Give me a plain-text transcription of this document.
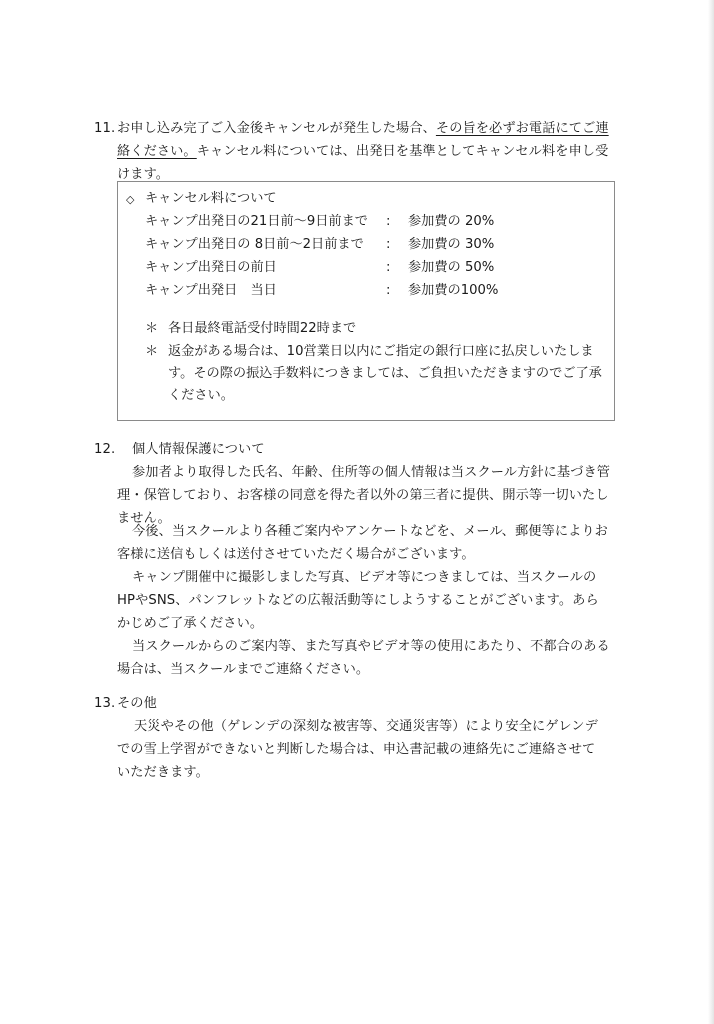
11. お申し込み完了ご入金後キャンセルが発生した場合、その旨を必ずお電話にてご連
絡ください。キャンセル料については、出発日を基準としてキャンセル料を申し受
けます。
◇ キャンセル料について
キャンプ出発日の21日前〜9日前まで : 参加費の 20%
キャンプ出発日の 8日前〜2日前まで : 参加費の 30%
キャンプ出発日の前日	: 参加費の 50%
キャンプ出発日　当日	: 参加費の100%
＊ 各日最終電話受付時間22時まで
＊ 返金がある場合は、10営業日以内にご指定の銀行口座に払戻しいたしま
す。その際の振込手数料につきましては、ご負担いただきますのでご了承
ください。
12. 個人情報保護について
参加者より取得した氏名、年齢、住所等の個人情報は当スクール方針に基づき管
理・保管しており、お客様の同意を得た者以外の第三者に提供、開示等一切いたし
ません。
今後、当スクールより各種ご案内やアンケートなどを、メール、郵便等によりお
客様に送信もしくは送付させていただく場合がございます。
キャンプ開催中に撮影しました写真、ビデオ等につきましては、当スクールの
HPやSNS、パンフレットなどの広報活動等にしようすることがございます。あら
かじめご了承ください。
当スクールからのご案内等、また写真やビデオ等の使用にあたり、不都合のある
場合は、当スクールまでご連絡ください。
13. その他
天災やその他（ゲレンデの深刻な被害等、交通災害等）により安全にゲレンデ
での雪上学習ができないと判断した場合は、申込書記載の連絡先にご連絡させて
いただきます。
